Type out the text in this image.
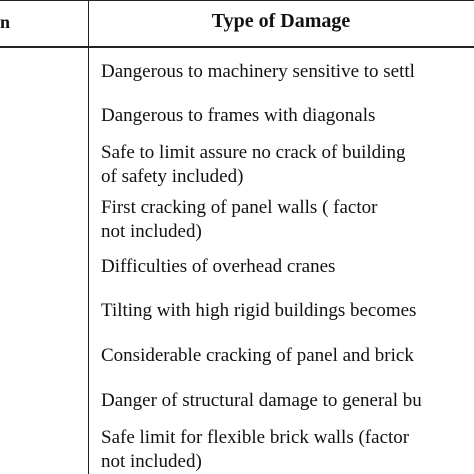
n	Type of Damage
Dangerous to machinery sensitive to settl
Dangerous to frames with diagonals
Safe to limit assure no crack of building
of safety included)
First cracking of panel walls ( factor
not included)
Difficulties of overhead cranes
Tilting with high rigid buildings becomes
Considerable cracking of panel and brick
Danger of structural damage to general bu
Safe limit for flexible brick walls (factor
not included)
